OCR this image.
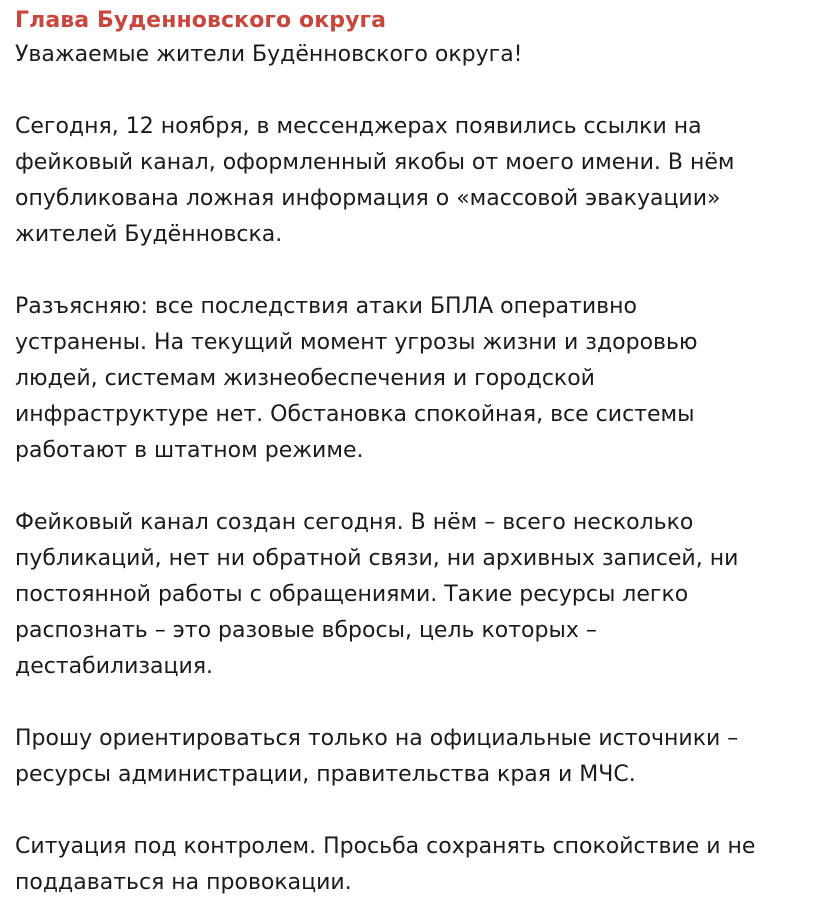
Глава Буденновского округа
Уважаемые жители Будённовского округа!
Сегодня, 12 ноября, в мессенджерах появились ссылки на
фейковый канал, оформленный якобы от моего имени. В нём
опубликована ложная информация о «массовой эвакуации»
жителей Будённовска.
Разъясняю: все последствия атаки БПЛА оперативно
устранены. На текущий момент угрозы жизни и здоровью
людей, системам жизнеобеспечения и городской
инфраструктуре нет. Обстановка спокойная, все системы
работают в штатном режиме.
Фейковый канал создан сегодня. В нём – всего несколько
публикаций, нет ни обратной связи, ни архивных записей, ни
постоянной работы с обращениями. Такие ресурсы легко
распознать – это разовые вбросы, цель которых –
дестабилизация.
Прошу ориентироваться только на официальные источники –
ресурсы администрации, правительства края и МЧС.
Ситуация под контролем. Просьба сохранять спокойствие и не
поддаваться на провокации.
